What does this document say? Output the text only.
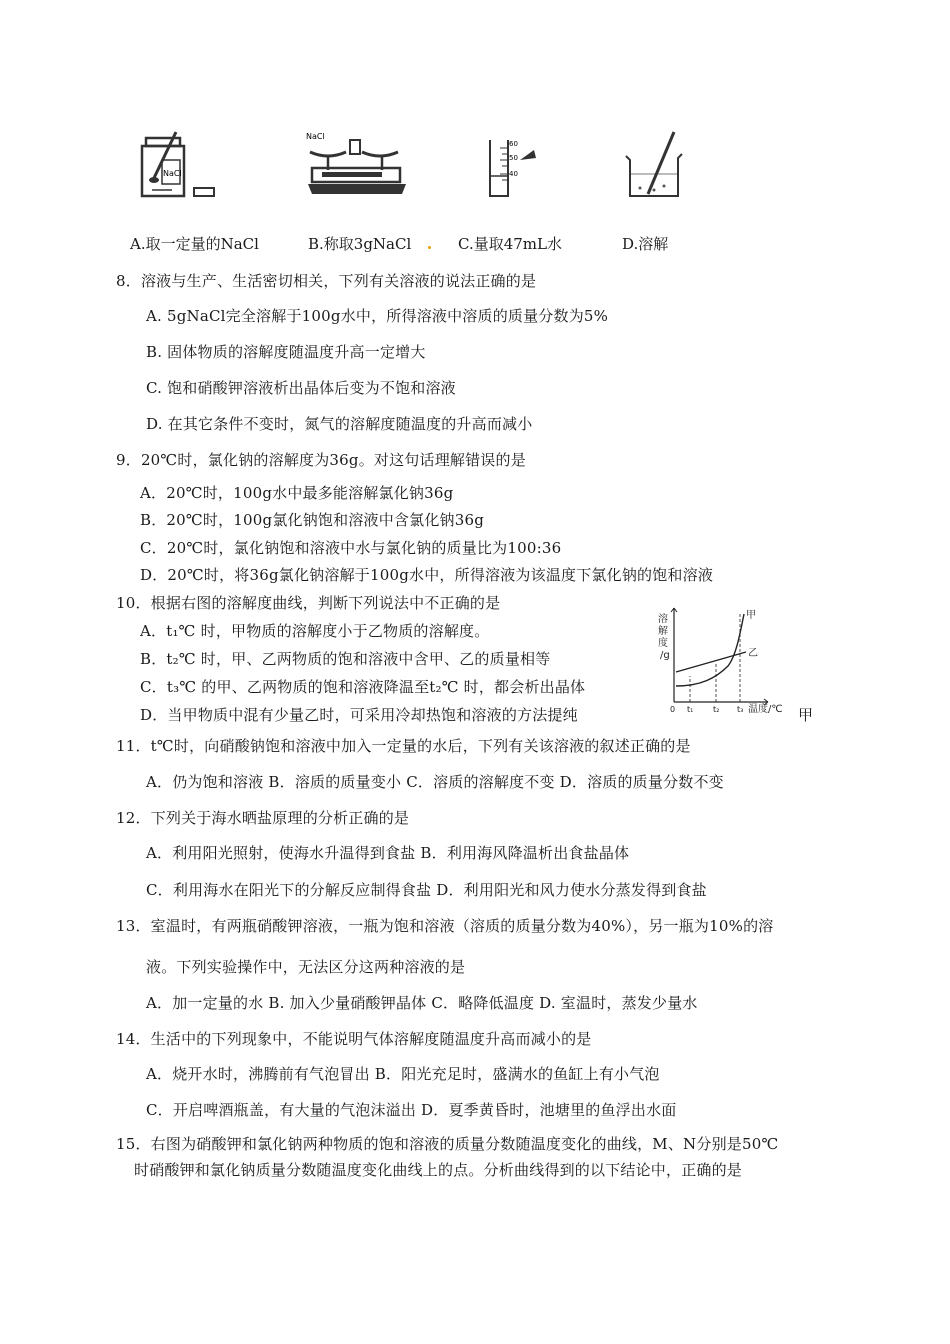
NaCl
NaCl
60
50
40
A.取一定量的NaCl	B.称取3gNaCl	C.量取47mL水	D.溶解
8．溶液与生产、生活密切相关，下列有关溶液的说法正确的是
A. 5gNaCl完全溶解于100g水中，所得溶液中溶质的质量分数为5%
B. 固体物质的溶解度随温度升高一定增大
C. 饱和硝酸钾溶液析出晶体后变为不饱和溶液
D. 在其它条件不变时，氮气的溶解度随温度的升高而减小
9．20℃时，氯化钠的溶解度为36g。对这句话理解错误的是
A．20℃时，100g水中最多能溶解氯化钠36g
B．20℃时，100g氯化钠饱和溶液中含氯化钠36g
C．20℃时，氯化钠饱和溶液中水与氯化钠的质量比为100:36
D．20℃时，将36g氯化钠溶解于100g水中，所得溶液为该温度下氯化钠的饱和溶液
10．根据右图的溶解度曲线，判断下列说法中不正确的是
A．t₁℃ 时，甲物质的溶解度小于乙物质的溶解度。
B．t₂℃ 时，甲、乙两物质的饱和溶液中含甲、乙的质量相等
C．t₃℃ 的甲、乙两物质的饱和溶液降温至t₂℃ 时，都会析出晶体
D．当甲物质中混有少量乙时，可采用冷却热饱和溶液的方法提纯	甲
溶
解
度
/g
0 t₁ t₂ t₃ 温度/℃
甲
乙
11．t℃时，向硝酸钠饱和溶液中加入一定量的水后，下列有关该溶液的叙述正确的是
A．仍为饱和溶液 B．溶质的质量变小 C．溶质的溶解度不变 D．溶质的质量分数不变
12．下列关于海水晒盐原理的分析正确的是
A．利用阳光照射，使海水升温得到食盐 B．利用海风降温析出食盐晶体
C．利用海水在阳光下的分解反应制得食盐 D．利用阳光和风力使水分蒸发得到食盐
13．室温时，有两瓶硝酸钾溶液，一瓶为饱和溶液（溶质的质量分数为40%），另一瓶为10%的溶
液。下列实验操作中，无法区分这两种溶液的是
A．加一定量的水 B. 加入少量硝酸钾晶体 C．略降低温度 D. 室温时，蒸发少量水
14．生活中的下列现象中，不能说明气体溶解度随温度升高而减小的是
A．烧开水时，沸腾前有气泡冒出 B．阳光充足时，盛满水的鱼缸上有小气泡
C．开启啤酒瓶盖，有大量的气泡沫溢出 D．夏季黄昏时，池塘里的鱼浮出水面
15．右图为硝酸钾和氯化钠两种物质的饱和溶液的质量分数随温度变化的曲线，M、N分别是50℃
时硝酸钾和氯化钠质量分数随温度变化曲线上的点。分析曲线得到的以下结论中，正确的是
